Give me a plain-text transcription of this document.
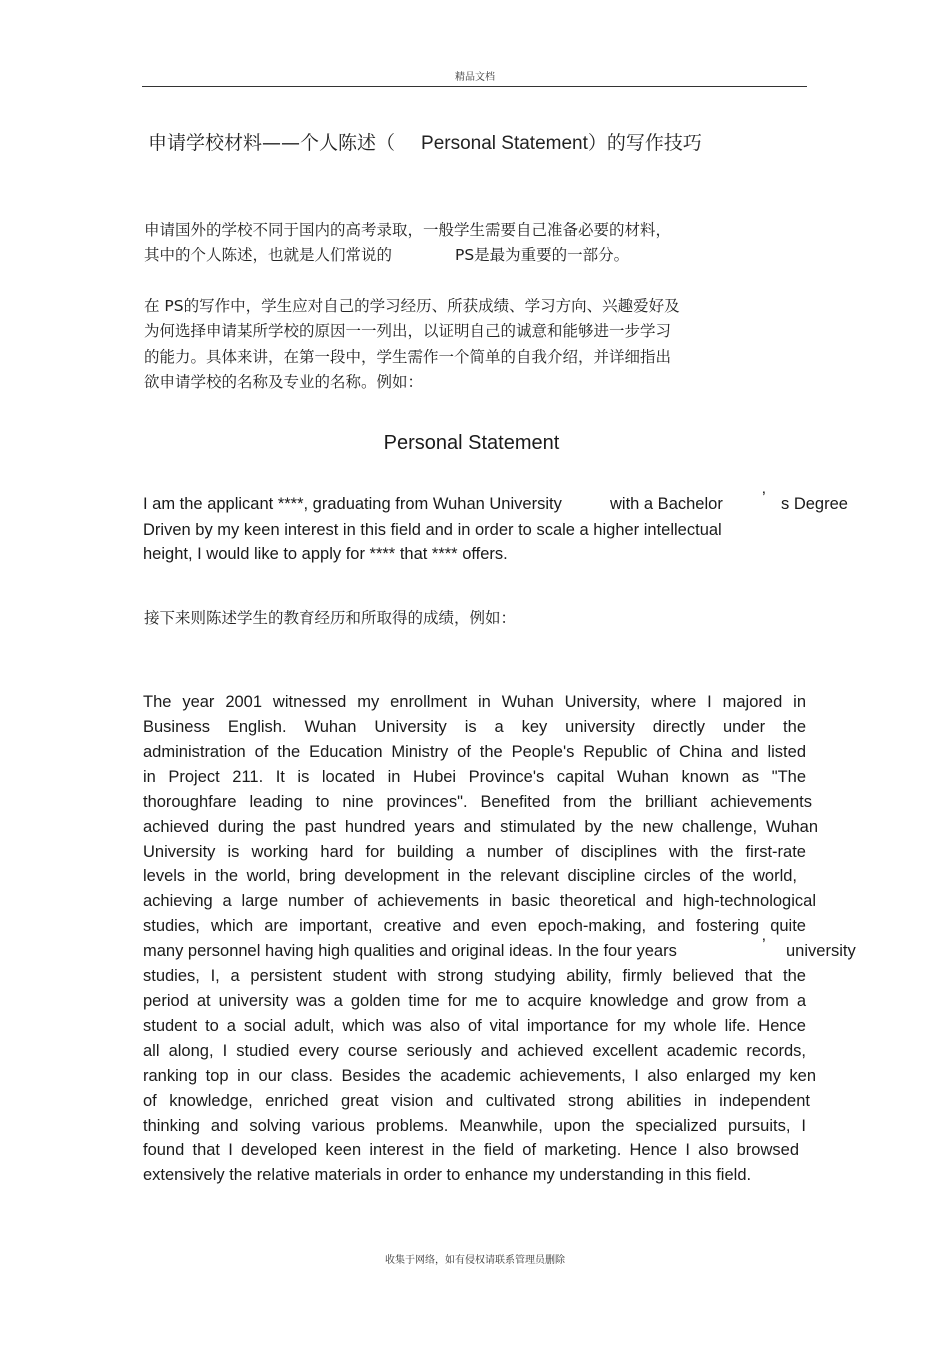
精品文档
申请学校材料——个人陈述（ Personal Statement）的写作技巧
申请国外的学校不同于国内的高考录取，一般学生需要自己准备必要的材料，
其中的个人陈述，也就是人们常说的	PS是最为重要的一部分。
在 PS的写作中，学生应对自己的学习经历、所获成绩、学习方向、兴趣爱好及
为何选择申请某所学校的原因一一列出，以证明自己的诚意和能够进一步学习
的能力。具体来讲，在第一段中，学生需作一个简单的自我介绍，并详细指出
欲申请学校的名称及专业的名称。例如：
Personal Statement
I am the applicant ****, graduating from Wuhan University	with a Bachelor ’ s Degree
Driven by my keen interest in this field and in order to scale a higher intellectual
height, I would like to apply for **** that **** offers.
接下来则陈述学生的教育经历和所取得的成绩，例如：
The year 2001 witnessed my enrollment in Wuhan University, where I majored in
Business English. Wuhan University is a key university directly under the
administration of the Education Ministry of the People's Republic of China and listed
in Project 211. It is located in Hubei Province's capital Wuhan known as "The
thoroughfare leading to nine provinces". Benefited from the brilliant achievements
achieved during the past hundred years and stimulated by the new challenge, Wuhan
University is working hard for building a number of disciplines with the first-rate
levels in the world, bring development in the relevant discipline circles of the world,
achieving a large number of achievements in basic theoretical and high-technological
studies, which are important, creative and even epoch-making, and fostering quite
many personnel having high qualities and original ideas. In the four years	’ university
studies, I, a persistent student with strong studying ability, firmly believed that the
period at university was a golden time for me to acquire knowledge and grow from a
student to a social adult, which was also of vital importance for my whole life. Hence
all along, I studied every course seriously and achieved excellent academic records,
ranking top in our class. Besides the academic achievements, I also enlarged my ken
of knowledge, enriched great vision and cultivated strong abilities in independent
thinking and solving various problems. Meanwhile, upon the specialized pursuits, I
found that I developed keen interest in the field of marketing. Hence I also browsed
extensively the relative materials in order to enhance my understanding in this field.
收集于网络，如有侵权请联系管理员删除
